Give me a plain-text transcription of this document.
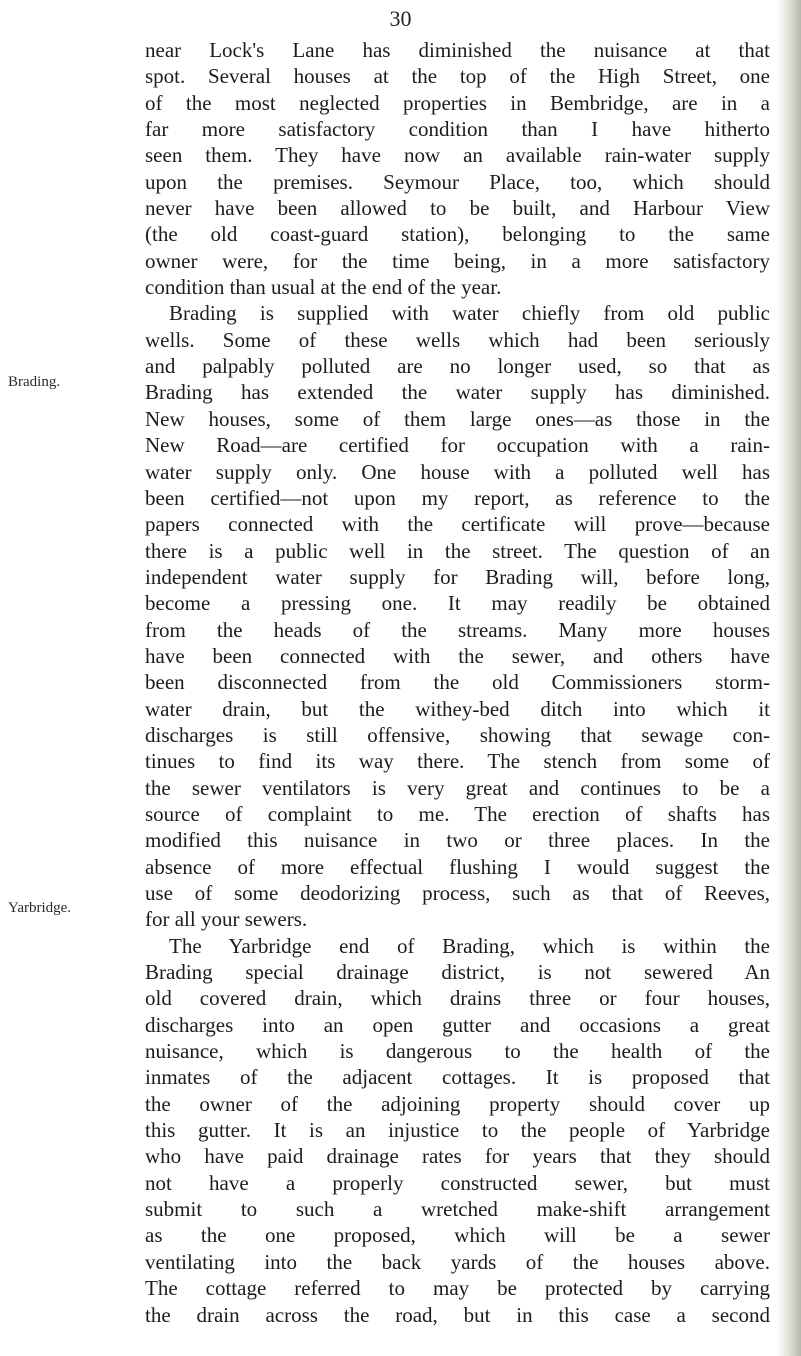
30
Brading.
Yarbridge.
near Lock's Lane has diminished the nuisance at that
spot. Several houses at the top of the High Street, one
of the most neglected properties in Bembridge, are in a
far more satisfactory condition than I have hitherto
seen them. They have now an available rain-water supply
upon the premises. Seymour Place, too, which should
never have been allowed to be built, and Harbour View
(the old coast-guard station), belonging to the same
owner were, for the time being, in a more satisfactory
condition than usual at the end of the year.
Brading is supplied with water chiefly from old public
wells. Some of these wells which had been seriously
and palpably polluted are no longer used, so that as
Brading has extended the water supply has diminished.
New houses, some of them large ones—as those in the
New Road—are certified for occupation with a rain-
water supply only. One house with a polluted well has
been certified—not upon my report, as reference to the
papers connected with the certificate will prove—because
there is a public well in the street. The question of an
independent water supply for Brading will, before long,
become a pressing one. It may readily be obtained
from the heads of the streams. Many more houses
have been connected with the sewer, and others have
been disconnected from the old Commissioners storm-
water drain, but the withey-bed ditch into which it
discharges is still offensive, showing that sewage con-
tinues to find its way there. The stench from some of
the sewer ventilators is very great and continues to be a
source of complaint to me. The erection of shafts has
modified this nuisance in two or three places. In the
absence of more effectual flushing I would suggest the
use of some deodorizing process, such as that of Reeves,
for all your sewers.
The Yarbridge end of Brading, which is within the
Brading special drainage district, is not sewered An
old covered drain, which drains three or four houses,
discharges into an open gutter and occasions a great
nuisance, which is dangerous to the health of the
inmates of the adjacent cottages. It is proposed that
the owner of the adjoining property should cover up
this gutter. It is an injustice to the people of Yarbridge
who have paid drainage rates for years that they should
not have a properly constructed sewer, but must
submit to such a wretched make-shift arrangement
as the one proposed, which will be a sewer
ventilating into the back yards of the houses above.
The cottage referred to may be protected by carrying
the drain across the road, but in this case a second
